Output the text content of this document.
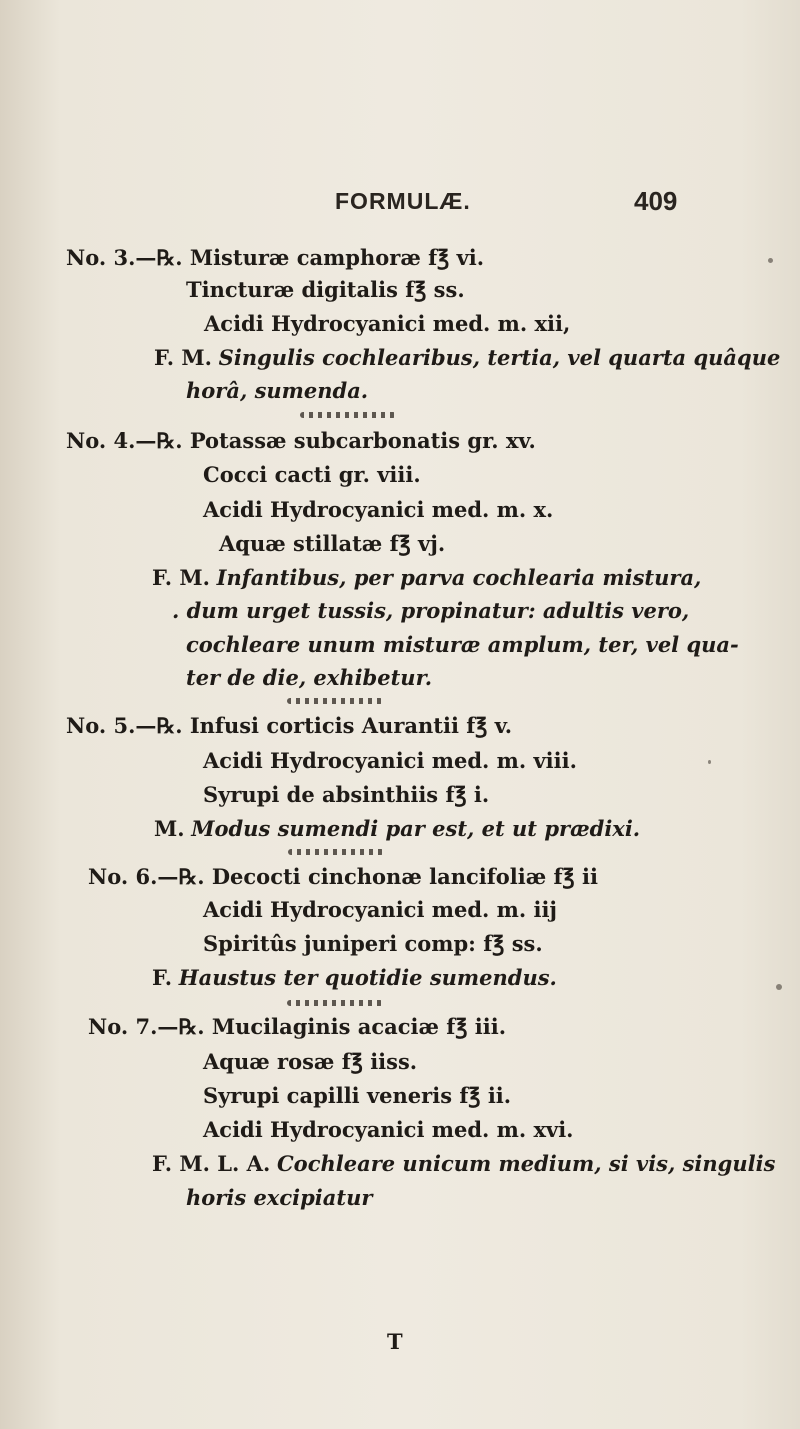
FORMULÆ.	409
No. 3.—℞. Misturæ camphoræ f℥ vi.
Tincturæ digitalis f℥ ss.
Acidi Hydrocyanici med. m. xii,
F. M. Singulis cochlearibus, tertia, vel quarta quâque
horâ, sumenda.
No. 4.—℞. Potassæ subcarbonatis gr. xv.
Cocci cacti gr. viii.
Acidi Hydrocyanici med. m. x.
Aquæ stillatæ f℥ vj.
F. M. Infantibus, per parva cochlearia mistura,
. dum urget tussis, propinatur: adultis vero,
cochleare unum misturæ amplum, ter, vel qua-
ter de die, exhibetur.
No. 5.—℞. Infusi corticis Aurantii f℥ v.
Acidi Hydrocyanici med. m. viii.
Syrupi de absinthiis f℥ i.
M. Modus sumendi par est, et ut prædixi.
No. 6.—℞. Decocti cinchonæ lancifoliæ f℥ ii
Acidi Hydrocyanici med. m. iij
Spiritûs juniperi comp: f℥ ss.
F. Haustus ter quotidie sumendus.
No. 7.—℞. Mucilaginis acaciæ f℥ iii.
Aquæ rosæ f℥ iiss.
Syrupi capilli veneris f℥ ii.
Acidi Hydrocyanici med. m. xvi.
F. M. L. A. Cochleare unicum medium, si vis, singulis
horis excipiatur
T
